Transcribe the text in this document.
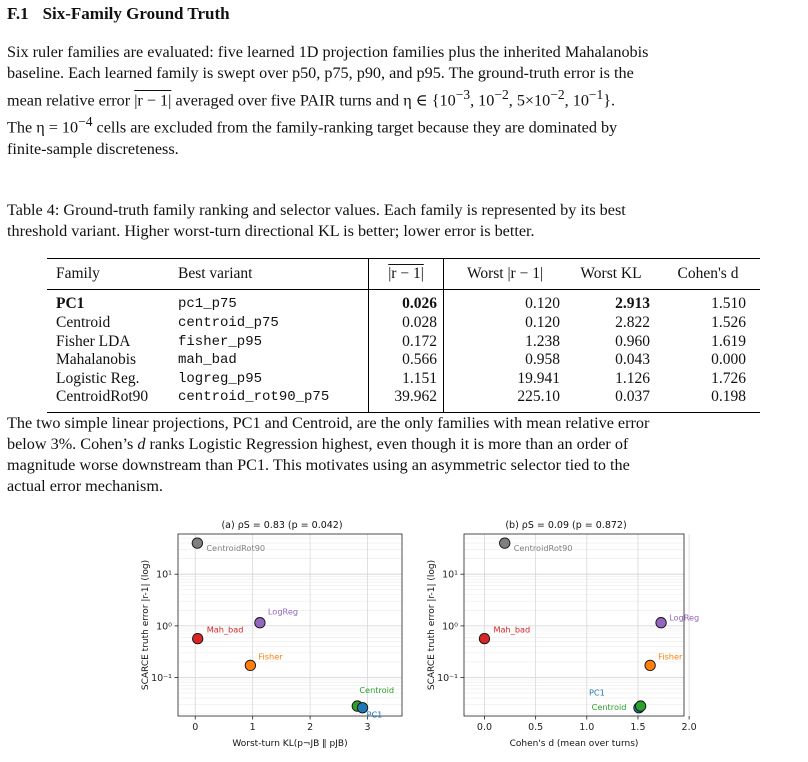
F.1 Six-Family Ground Truth
Six ruler families are evaluated: five learned 1D projection families plus the inherited Mahalanobis
baseline. Each learned family is swept over p50, p75, p90, and p95. The ground-truth error is the
mean relative error |r − 1| averaged over five PAIR turns and η ∈ {$10^{-3}$, $10^{-2}$, $5\times 10^{-2}$, $10^{-1}$}.
The $\eta = 10^{-4}$ cells are excluded from the family-ranking target because they are dominated by
finite-sample discreteness.
Table 4: Ground-truth family ranking and selector values. Each family is represented by its best
threshold variant. Higher worst-turn directional KL is better; lower error is better.
Family	Best variant	|r − 1|	Worst |r − 1|	Worst KL	Cohen's d

PC1	pc1_p75	0.026	0.120	2.913	1.510
Centroid	centroid_p75	0.028	0.120	2.822	1.526
Fisher LDA	fisher_p95	0.172	1.238	0.960	1.619
Mahalanobis	mah_bad	0.566	0.958	0.043	0.000
Logistic Reg.	logreg_p95	1.151	19.941	1.126	1.726
CentroidRot90	centroid_rot90_p75	39.962	225.10	0.037	0.198
The two simple linear projections, PC1 and Centroid, are the only families with mean relative error
below 3%. Cohen’s d ranks Logistic Regression highest, even though it is more than an order of
magnitude worse downstream than PC1. This motivates using an asymmetric selector tied to the
actual error mechanism.
0	1	2	3
10¹
10⁰
10⁻¹
CentroidRot90
LogReg
Mah_bad
Fisher
Centroid
PC1
(a) ρS = 0.83 (p = 0.042)
Worst-turn KL(p¬JB ‖ pJB)
SCARCE truth error |r-1| (log)
0.0	0.5	1.0	1.5	2.0
10¹
10⁰
10⁻¹
CentroidRot90
LogReg
Mah_bad
Fisher
PC1
Centroid
(b) ρS = 0.09 (p = 0.872)
Cohen's d (mean over turns)
SCARCE truth error |r-1| (log)
